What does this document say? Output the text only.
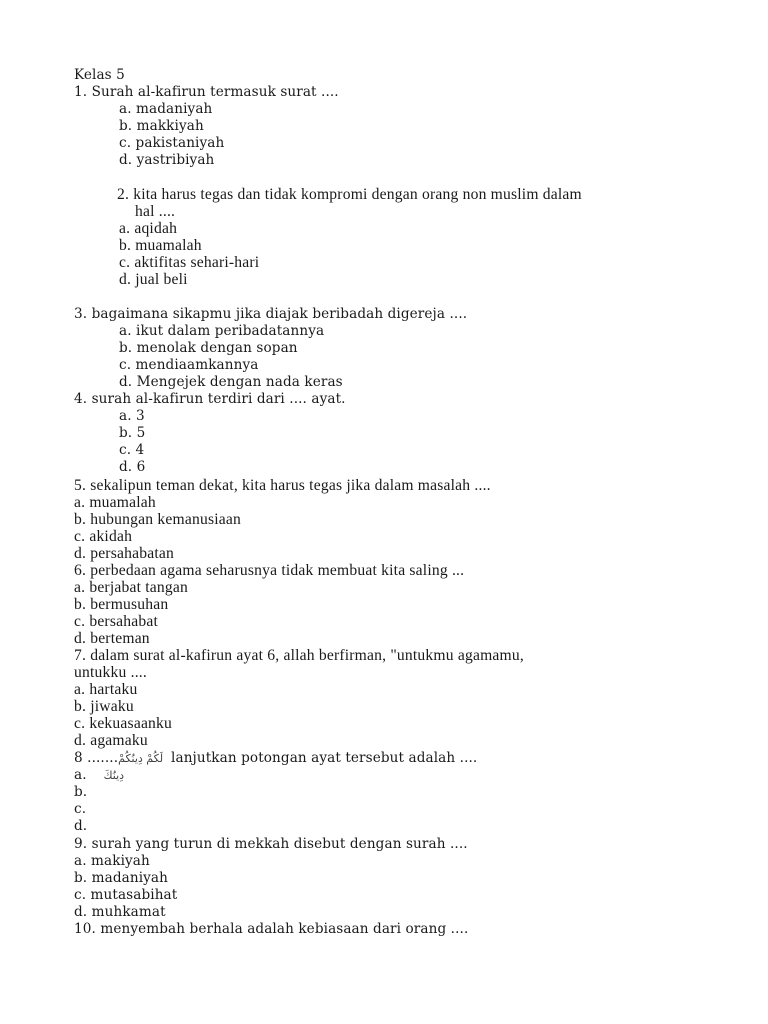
Kelas 5
1. Surah al-kafirun termasuk surat ....
a. madaniyah
b. makkiyah
c. pakistaniyah
d. yastribiyah
2. kita harus tegas dan tidak kompromi dengan orang non muslim dalam
hal ....
a. aqidah
b. muamalah
c. aktifitas sehari-hari
d. jual beli
3. bagaimana sikapmu jika diajak beribadah digereja ....
a. ikut dalam peribadatannya
b. menolak dengan sopan
c. mendiaamkannya
d. Mengejek dengan nada keras
4. surah al-kafirun terdiri dari .... ayat.
a. 3
b. 5
c. 4
d. 6
5. sekalipun teman dekat, kita harus tegas jika dalam masalah ....
a. muamalah
b. hubungan kemanusiaan
c. akidah
d. persahabatan
6. perbedaan agama seharusnya tidak membuat kita saling ...
a. berjabat tangan
b. bermusuhan
c. bersahabat
d. berteman
7. dalam surat al-kafirun ayat 6, allah berfirman, "untukmu agamamu,
untukku ....
a. hartaku
b. jiwaku
c. kekuasaanku
d. agamaku
8 .......لَكُمْ دِينُكُمْ lanjutkan potongan ayat tersebut adalah ....
a. دِينُكَ
b.
c.
d.
9. surah yang turun di mekkah disebut dengan surah ....
a. makiyah
b. madaniyah
c. mutasabihat
d. muhkamat
10. menyembah berhala adalah kebiasaan dari orang ....
